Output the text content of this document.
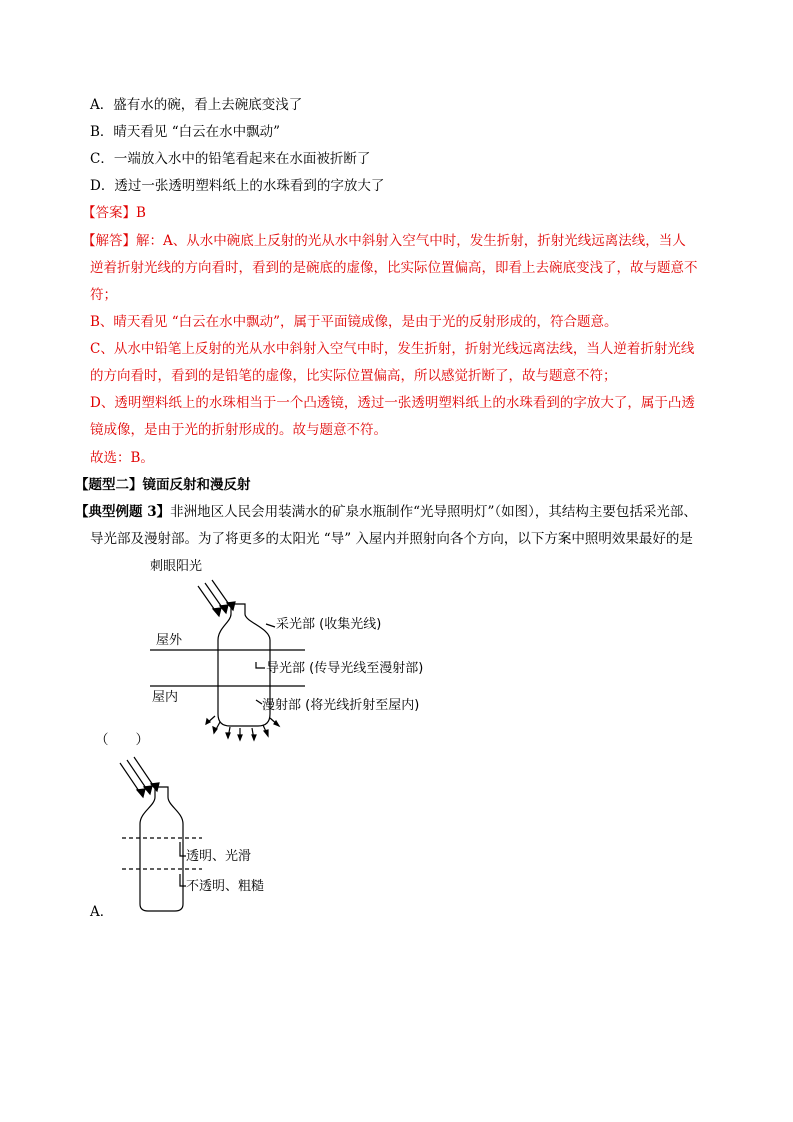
A．盛有水的碗，看上去碗底变浅了
B．晴天看见 “白云在水中飘动”
C．一端放入水中的铅笔看起来在水面被折断了
D．透过一张透明塑料纸上的水珠看到的字放大了
【答案】B
【解答】解：A、从水中碗底上反射的光从水中斜射入空气中时，发生折射，折射光线远离法线，当人
逆着折射光线的方向看时，看到的是碗底的虚像，比实际位置偏高，即看上去碗底变浅了，故与题意不
符；
B、晴天看见 “白云在水中飘动”，属于平面镜成像，是由于光的反射形成的，符合题意。
C、从水中铅笔上反射的光从水中斜射入空气中时，发生折射，折射光线远离法线，当人逆着折射光线
的方向看时，看到的是铅笔的虚像，比实际位置偏高，所以感觉折断了，故与题意不符；
D、透明塑料纸上的水珠相当于一个凸透镜，透过一张透明塑料纸上的水珠看到的字放大了，属于凸透
镜成像，是由于光的折射形成的。故与题意不符。
故选：B。
【题型二】镜面反射和漫反射
【典型例题 3】非洲地区人民会用装满水的矿泉水瓶制作“光导照明灯”（如图），其结构主要包括采光部、
导光部及漫射部。为了将更多的太阳光 “导” 入屋内并照射向各个方向，以下方案中照明效果最好的是
刺眼阳光
屋外
屋内
采光部 (收集光线)
导光部 (传导光线至漫射部)
漫射部 (将光线折射至屋内)
（　　）
透明、光滑
不透明、粗糙
A．
